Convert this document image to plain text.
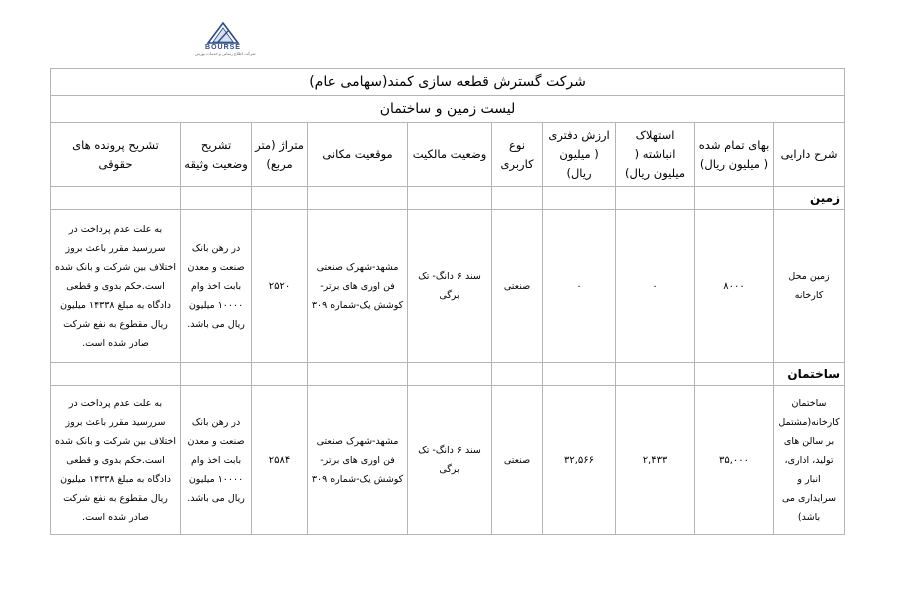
BOURSE
شرکت اطلاع رسانی و خدمات بورس
شرکت گسترش قطعه سازی کمند(سهامی عام)									
لیست زمین و ساختمان									
شرح دارایی	بهای تمام شده ( میلیون ریال)	استهلاک انباشته ( میلیون ریال)	ارزش دفتری ( میلیون ریال)	نوع کاربری	وضعیت مالکیت	موقعیت مکانی	متراژ (متر مربع)	تشریح وضعیت وثیقه	تشریح پرونده های حقوقی
زمین									
زمین محل کارخانه	۸۰۰۰	۰	۰	صنعتی	سند ۶ دانگ- تک برگی	مشهد-شهرک صنعتی فن اوری های برتر- کوشش یک-شماره ۳۰۹	۲۵۲۰	در رهن بانک صنعت و معدن بابت اخذ وام ۱۰۰۰۰ میلیون ریال می باشد.	به علت عدم پرداخت در سررسید مقرر باعث بروز اختلاف بین شرکت و بانک شده است.حکم بدوی و قطعی دادگاه به مبلغ ۱۴۳۳۸ میلیون ریال مقطوع به نفع شرکت صادر شده است.
ساختمان									
ساختمان کارخانه(مشتمل بر سالن های تولید، اداری، انبار و سرایداری می باشد)	۳۵,۰۰۰	۲,۴۳۳	۳۲,۵۶۶	صنعتی	سند ۶ دانگ- تک برگی	مشهد-شهرک صنعتی فن اوری های برتر- کوشش یک-شماره ۳۰۹	۲۵۸۴	در رهن بانک صنعت و معدن بابت اخذ وام ۱۰۰۰۰ میلیون ریال می باشد.	به علت عدم پرداخت در سررسید مقرر باعث بروز اختلاف بین شرکت و بانک شده است.حکم بدوی و قطعی دادگاه به مبلغ ۱۴۳۳۸ میلیون ریال مقطوع به نفع شرکت صادر شده است.
